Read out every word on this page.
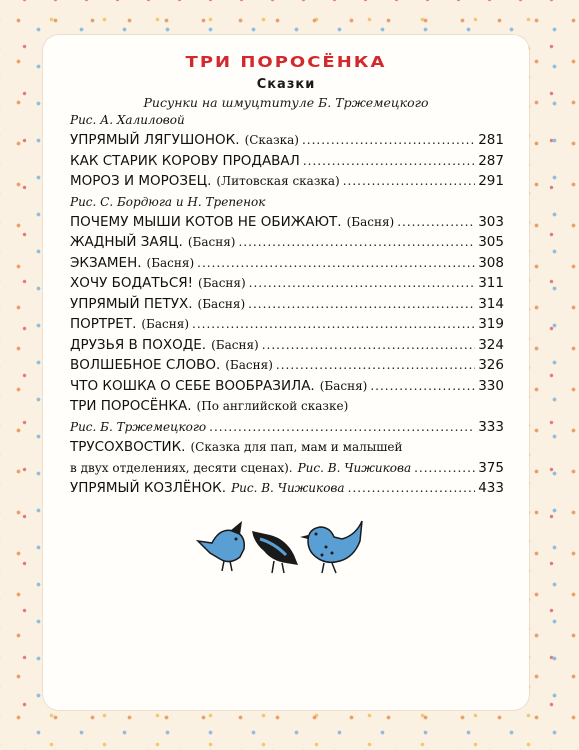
ТРИ ПОРОСЁНКА
Сказки
Рисунки на шмуцтитуле Б. Тржемецкого
Рис. А. Халиловой
УПРЯМЫЙ ЛЯГУШОНОК. (Сказка) .....	281
КАК СТАРИК КОРОВУ ПРОДАВАЛ .....	287
МОРОЗ И МОРОЗЕЦ. (Литовская сказка) .....	291
Рис. С. Бордюга и Н. Трепенок
ПОЧЕМУ МЫШИ КОТОВ НЕ ОБИЖАЮТ. (Басня) .....	303
ЖАДНЫЙ ЗАЯЦ. (Басня) .....	305
ЭКЗАМЕН. (Басня) .....	308
ХОЧУ БОДАТЬСЯ! (Басня) .....	311
УПРЯМЫЙ ПЕТУХ. (Басня) .....	314
ПОРТРЕТ. (Басня) .....	319
ДРУЗЬЯ В ПОХОДЕ. (Басня) .....	324
ВОЛШЕБНОЕ СЛОВО. (Басня) .....	326
ЧТО КОШКА О СЕБЕ ВООБРАЗИЛА. (Басня) .....	330
ТРИ ПОРОСЁНКА. (По английской сказке)
Рис. Б. Тржемецкого .....	333
ТРУСОХВОСТИК. (Сказка для пап, мам и малышей
в двух отделениях, десяти сценах). Рис. В. Чижикова .....	375
УПРЯМЫЙ КОЗЛЁНОК. Рис. В. Чижикова .....	433
